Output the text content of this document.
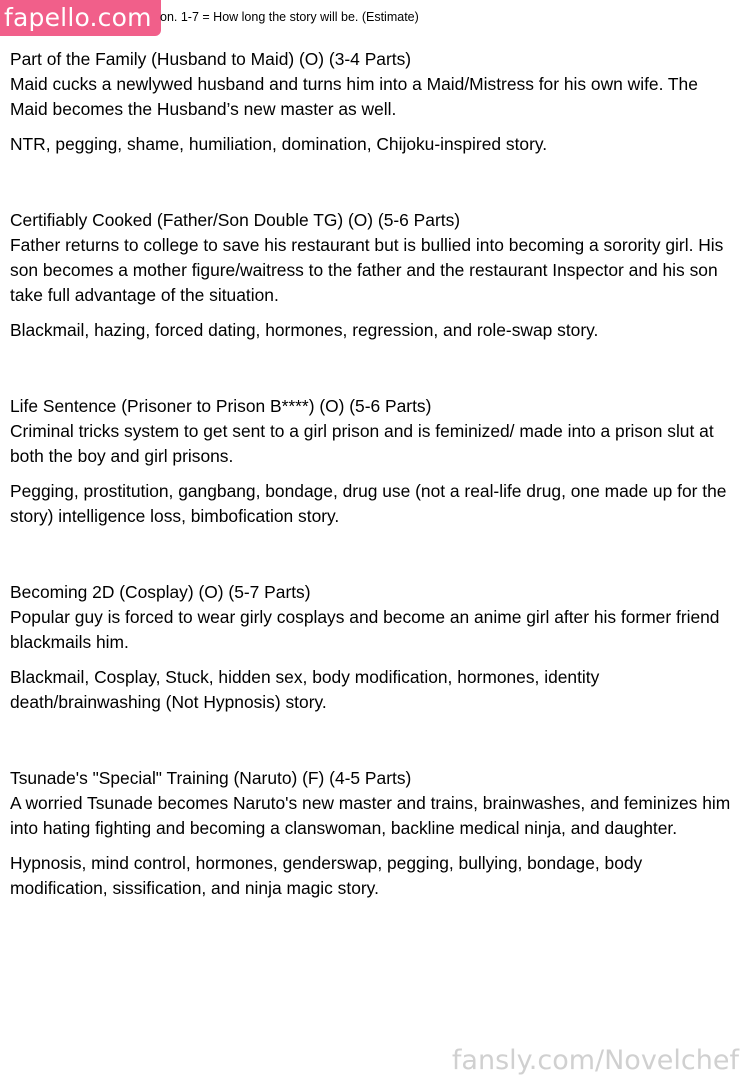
fapello.com on. 1-7 = How long the story will be. (Estimate)

Part of the Family (Husband to Maid) (O) (3-4 Parts)

Maid cucks a newlywed husband and turns him into a Maid/Mistress for his own wife. The Maid becomes the Husband’s new master as well.

NTR, pegging, shame, humiliation, domination, Chijoku-inspired story.

Certifiably Cooked (Father/Son Double TG) (O) (5-6 Parts)

Father returns to college to save his restaurant but is bullied into becoming a sorority girl. His son becomes a mother figure/waitress to the father and the restaurant Inspector and his son take full advantage of the situation.

Blackmail, hazing, forced dating, hormones, regression, and role-swap story.

Life Sentence (Prisoner to Prison B****) (O) (5-6 Parts)

Criminal tricks system to get sent to a girl prison and is feminized/ made into a prison slut at both the boy and girl prisons.

Pegging, prostitution, gangbang, bondage, drug use (not a real-life drug, one made up for the story) intelligence loss, bimbofication story.

Becoming 2D (Cosplay) (O) (5-7 Parts)

Popular guy is forced to wear girly cosplays and become an anime girl after his former friend blackmails him.

Blackmail, Cosplay, Stuck, hidden sex, body modification, hormones, identity death/brainwashing (Not Hypnosis) story.

Tsunade's "Special" Training (Naruto) (F) (4-5 Parts)

A worried Tsunade becomes Naruto's new master and trains, brainwashes, and feminizes him into hating fighting and becoming a clanswoman, backline medical ninja, and daughter.

Hypnosis, mind control, hormones, genderswap, pegging, bullying, bondage, body modification, sissification, and ninja magic story.

fansly.com/Novelchef
